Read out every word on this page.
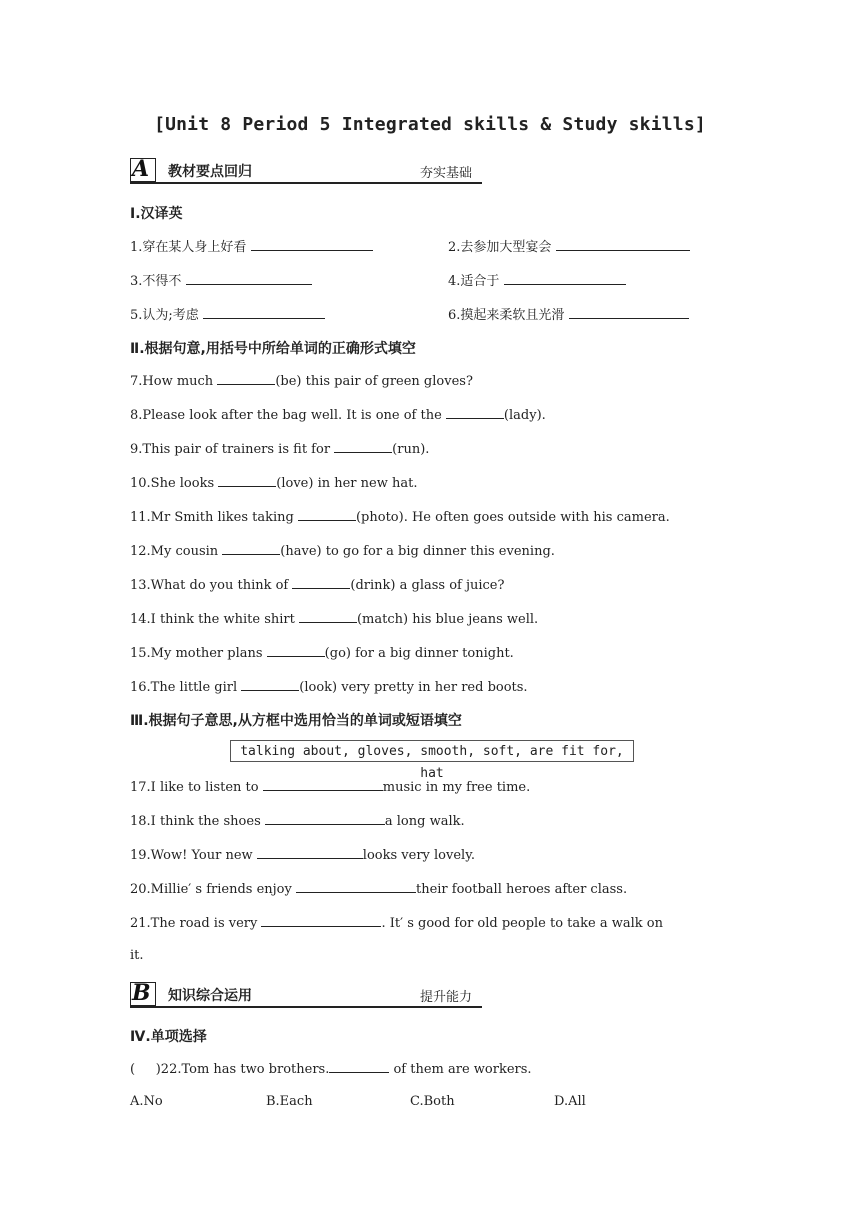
[Unit 8 Period 5 Integrated skills & Study skills]
A 教材要点回归	夯实基础
Ⅰ.汉译英
1.穿在某人身上好看	2.去参加大型宴会
3.不得不	4.适合于
5.认为;考虑	6.摸起来柔软且光滑
Ⅱ.根据句意,用括号中所给单词的正确形式填空
7.How much	(be) this pair of green gloves?
8.Please look after the bag well. It is one of the	(lady).
9.This pair of trainers is fit for	(run).
10.She looks	(love) in her new hat.
11.Mr Smith likes taking	(photo). He often goes outside with his camera.
12.My cousin	(have) to go for a big dinner this evening.
13.What do you think of	(drink) a glass of juice?
14.I think the white shirt	(match) his blue jeans well.
15.My mother plans	(go) for a big dinner tonight.
16.The little girl	(look) very pretty in her red boots.
Ⅲ.根据句子意思,从方框中选用恰当的单词或短语填空
talking about, gloves, smooth, soft, are fit for, hat
17.I like to listen to	music in my free time.
18.I think the shoes	a long walk.
19.Wow! Your new	looks very lovely.
20.Millie′ s friends enjoy	their football heroes after class.
21.The road is very	. It′ s good for old people to take a walk on
it.
B 知识综合运用	提升能力
Ⅳ.单项选择
(     )22.Tom has two brothers.	of them are workers.
A.No	B.Each	C.Both	D.All
